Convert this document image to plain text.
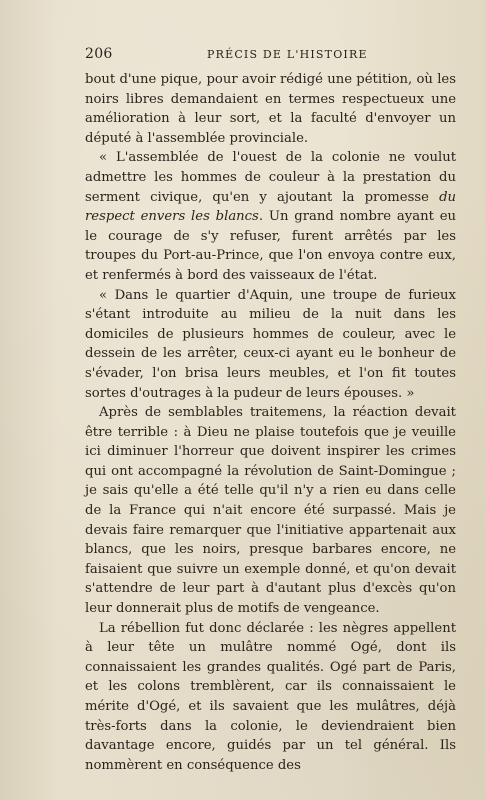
206	PRÉCIS DE L'HISTOIRE

bout d'une pique, pour avoir rédigé une pétition, où les noirs libres demandaient en termes respectueux une amélioration à leur sort, et la faculté d'envoyer un député à l'assemblée provinciale.

« L'assemblée de l'ouest de la colonie ne voulut admettre les hommes de couleur à la prestation du serment civique, qu'en y ajoutant la promesse du respect envers les blancs. Un grand nombre ayant eu le courage de s'y refuser, furent arrêtés par les troupes du Port-au-Prince, que l'on envoya contre eux, et renfermés à bord des vaisseaux de l'état.

« Dans le quartier d'Aquin, une troupe de furieux s'étant introduite au milieu de la nuit dans les domiciles de plusieurs hommes de couleur, avec le dessein de les arrêter, ceux-ci ayant eu le bonheur de s'évader, l'on brisa leurs meubles, et l'on fit toutes sortes d'outrages à la pudeur de leurs épouses. »

Après de semblables traitemens, la réaction devait être terrible : à Dieu ne plaise toutefois que je veuille ici diminuer l'horreur que doivent inspirer les crimes qui ont accompagné la révolution de Saint-Domingue ; je sais qu'elle a été telle qu'il n'y a rien eu dans celle de la France qui n'ait encore été surpassé. Mais je devais faire remarquer que l'initiative appartenait aux blancs, que les noirs, presque barbares encore, ne faisaient que suivre un exemple donné, et qu'on devait s'attendre de leur part à d'autant plus d'excès qu'on leur donnerait plus de motifs de vengeance.

La rébellion fut donc déclarée : les nègres appellent à leur tête un mulâtre nommé Ogé, dont ils connaissaient les grandes qualités. Ogé part de Paris, et les colons tremblèrent, car ils connaissaient le mérite d'Ogé, et ils savaient que les mulâtres, déjà très-forts dans la colonie, le deviendraient bien davantage encore, guidés par un tel général. Ils nommèrent en conséquence des
